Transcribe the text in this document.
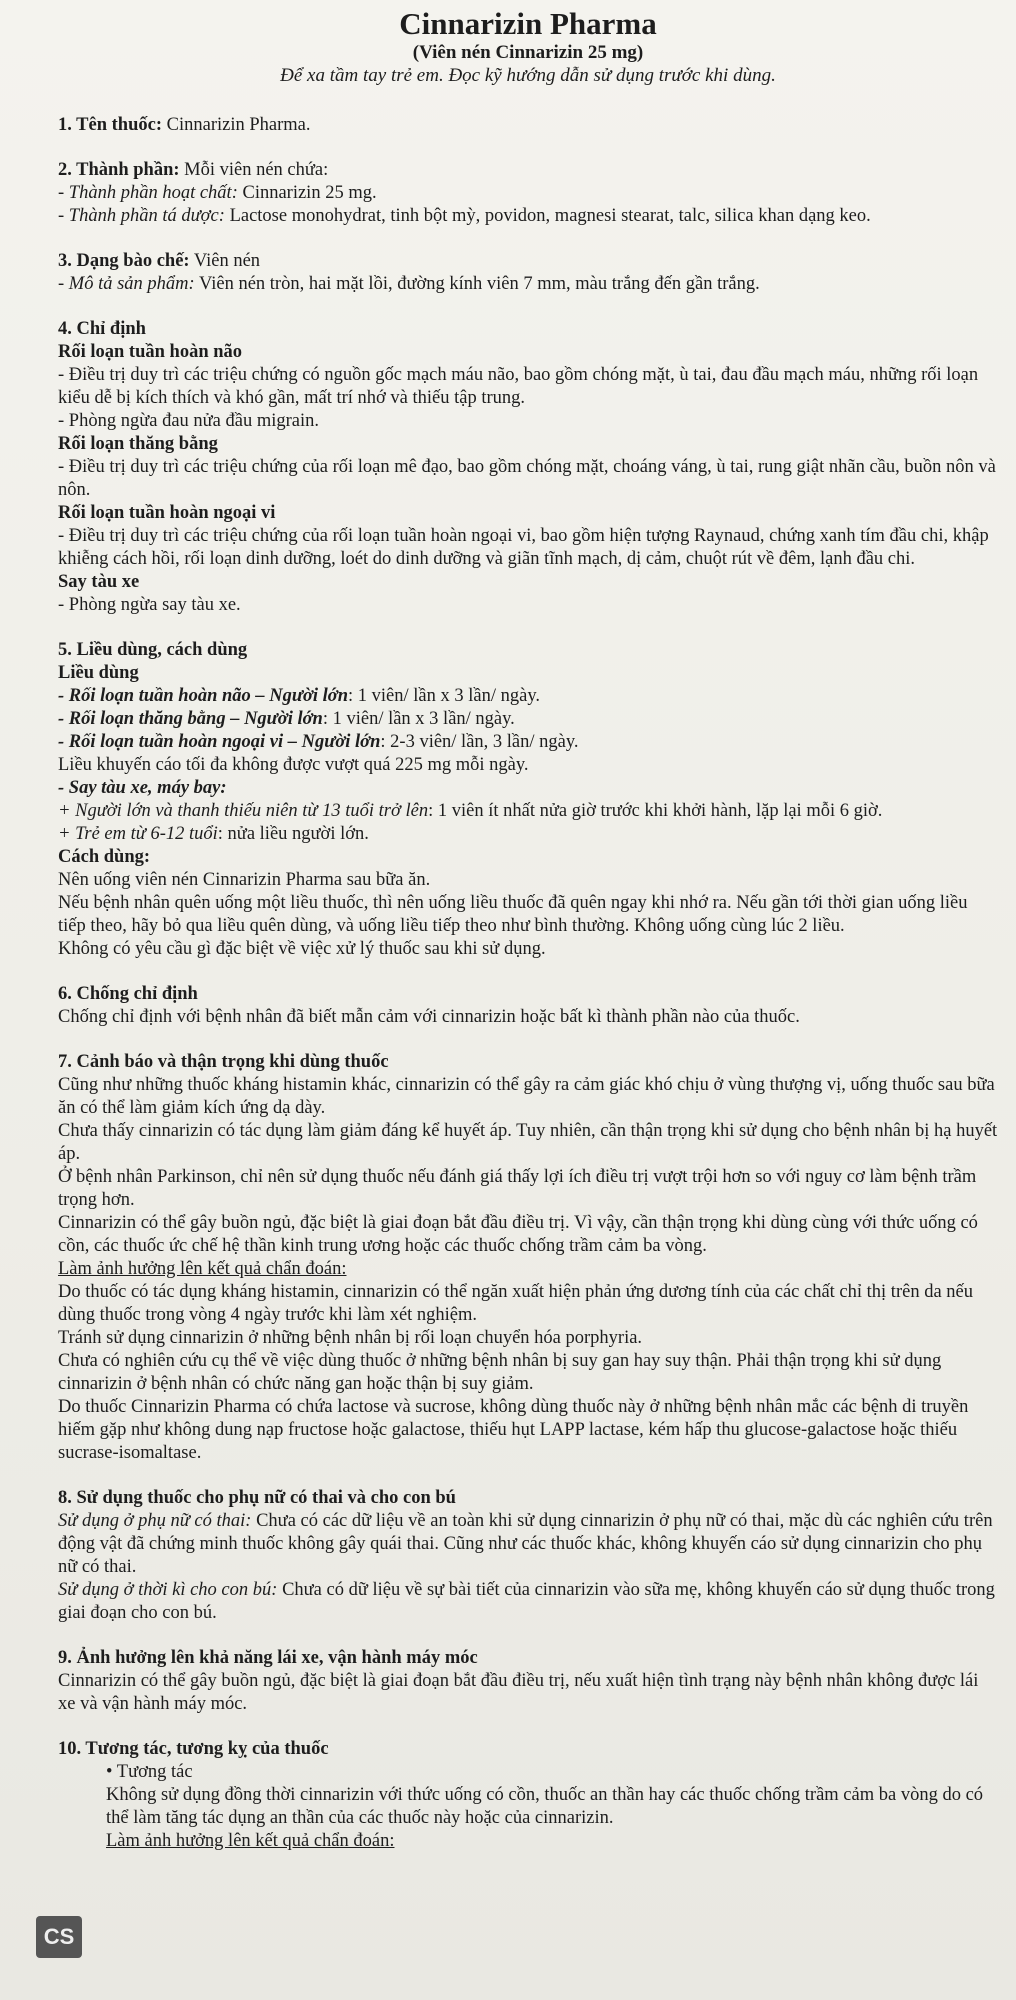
Cinnarizin Pharma

(Viên nén Cinnarizin 25 mg)

Để xa tầm tay trẻ em. Đọc kỹ hướng dẫn sử dụng trước khi dùng.

1. Tên thuốc: Cinnarizin Pharma.

2. Thành phần: Mỗi viên nén chứa:

- Thành phần hoạt chất: Cinnarizin 25 mg.

- Thành phần tá dược: Lactose monohydrat, tinh bột mỳ, povidon, magnesi stearat, talc, silica khan dạng keo.

3. Dạng bào chế: Viên nén

- Mô tả sản phẩm: Viên nén tròn, hai mặt lồi, đường kính viên 7 mm, màu trắng đến gần trắng.

4. Chỉ định

Rối loạn tuần hoàn não

- Điều trị duy trì các triệu chứng có nguồn gốc mạch máu não, bao gồm chóng mặt, ù tai, đau đầu mạch máu, những rối loạn kiểu dễ bị kích thích và khó gần, mất trí nhớ và thiếu tập trung.

- Phòng ngừa đau nửa đầu migrain.

Rối loạn thăng bằng

- Điều trị duy trì các triệu chứng của rối loạn mê đạo, bao gồm chóng mặt, choáng váng, ù tai, rung giật nhãn cầu, buồn nôn và nôn.

Rối loạn tuần hoàn ngoại vi

- Điều trị duy trì các triệu chứng của rối loạn tuần hoàn ngoại vi, bao gồm hiện tượng Raynaud, chứng xanh tím đầu chi, khập khiễng cách hồi, rối loạn dinh dưỡng, loét do dinh dưỡng và giãn tĩnh mạch, dị cảm, chuột rút về đêm, lạnh đầu chi.

Say tàu xe

- Phòng ngừa say tàu xe.

5. Liều dùng, cách dùng

Liều dùng

- Rối loạn tuần hoàn não – Người lớn: 1 viên/ lần x 3 lần/ ngày.

- Rối loạn thăng bằng – Người lớn: 1 viên/ lần x 3 lần/ ngày.

- Rối loạn tuần hoàn ngoại vi – Người lớn: 2-3 viên/ lần, 3 lần/ ngày.

Liều khuyến cáo tối đa không được vượt quá 225 mg mỗi ngày.

- Say tàu xe, máy bay:

+ Người lớn và thanh thiếu niên từ 13 tuổi trở lên: 1 viên ít nhất nửa giờ trước khi khởi hành, lặp lại mỗi 6 giờ.

+ Trẻ em từ 6-12 tuổi: nửa liều người lớn.

Cách dùng:

Nên uống viên nén Cinnarizin Pharma sau bữa ăn.

Nếu bệnh nhân quên uống một liều thuốc, thì nên uống liều thuốc đã quên ngay khi nhớ ra. Nếu gần tới thời gian uống liều tiếp theo, hãy bỏ qua liều quên dùng, và uống liều tiếp theo như bình thường. Không uống cùng lúc 2 liều.

Không có yêu cầu gì đặc biệt về việc xử lý thuốc sau khi sử dụng.

6. Chống chỉ định

Chống chỉ định với bệnh nhân đã biết mẫn cảm với cinnarizin hoặc bất kì thành phần nào của thuốc.

7. Cảnh báo và thận trọng khi dùng thuốc

Cũng như những thuốc kháng histamin khác, cinnarizin có thể gây ra cảm giác khó chịu ở vùng thượng vị, uống thuốc sau bữa ăn có thể làm giảm kích ứng dạ dày.

Chưa thấy cinnarizin có tác dụng làm giảm đáng kể huyết áp. Tuy nhiên, cần thận trọng khi sử dụng cho bệnh nhân bị hạ huyết áp.

Ở bệnh nhân Parkinson, chỉ nên sử dụng thuốc nếu đánh giá thấy lợi ích điều trị vượt trội hơn so với nguy cơ làm bệnh trầm trọng hơn.

Cinnarizin có thể gây buồn ngủ, đặc biệt là giai đoạn bắt đầu điều trị. Vì vậy, cần thận trọng khi dùng cùng với thức uống có cồn, các thuốc ức chế hệ thần kinh trung ương hoặc các thuốc chống trầm cảm ba vòng.

Làm ảnh hưởng lên kết quả chẩn đoán:

Do thuốc có tác dụng kháng histamin, cinnarizin có thể ngăn xuất hiện phản ứng dương tính của các chất chỉ thị trên da nếu dùng thuốc trong vòng 4 ngày trước khi làm xét nghiệm.

Tránh sử dụng cinnarizin ở những bệnh nhân bị rối loạn chuyển hóa porphyria.

Chưa có nghiên cứu cụ thể về việc dùng thuốc ở những bệnh nhân bị suy gan hay suy thận. Phải thận trọng khi sử dụng cinnarizin ở bệnh nhân có chức năng gan hoặc thận bị suy giảm.

Do thuốc Cinnarizin Pharma có chứa lactose và sucrose, không dùng thuốc này ở những bệnh nhân mắc các bệnh di truyền hiếm gặp như không dung nạp fructose hoặc galactose, thiếu hụt LAPP lactase, kém hấp thu glucose-galactose hoặc thiếu sucrase-isomaltase.

8. Sử dụng thuốc cho phụ nữ có thai và cho con bú

Sử dụng ở phụ nữ có thai: Chưa có các dữ liệu về an toàn khi sử dụng cinnarizin ở phụ nữ có thai, mặc dù các nghiên cứu trên động vật đã chứng minh thuốc không gây quái thai. Cũng như các thuốc khác, không khuyến cáo sử dụng cinnarizin cho phụ nữ có thai.

Sử dụng ở thời kì cho con bú: Chưa có dữ liệu về sự bài tiết của cinnarizin vào sữa mẹ, không khuyến cáo sử dụng thuốc trong giai đoạn cho con bú.

9. Ảnh hưởng lên khả năng lái xe, vận hành máy móc

Cinnarizin có thể gây buồn ngủ, đặc biệt là giai đoạn bắt đầu điều trị, nếu xuất hiện tình trạng này bệnh nhân không được lái xe và vận hành máy móc.

10. Tương tác, tương kỵ của thuốc

• Tương tác

Không sử dụng đồng thời cinnarizin với thức uống có cồn, thuốc an thần hay các thuốc chống trầm cảm ba vòng do có thể làm tăng tác dụng an thần của các thuốc này hoặc của cinnarizin.

Làm ảnh hưởng lên kết quả chẩn đoán:

CS
